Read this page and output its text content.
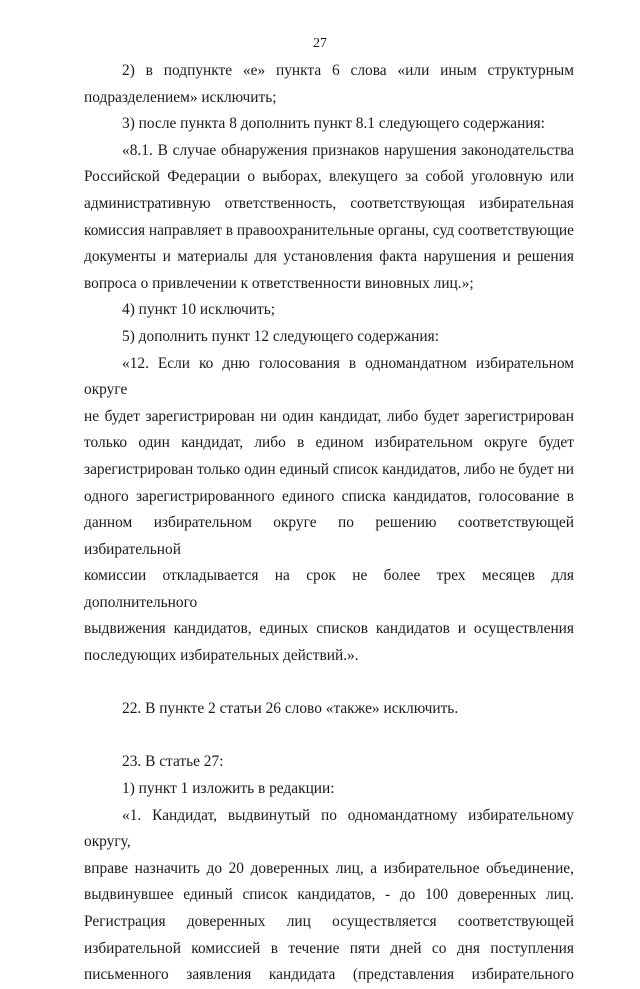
27

2) в подпункте «е» пункта 6 слова «или иным структурным

подразделением» исключить;

3) после пункта 8 дополнить пункт 8.1 следующего содержания:

«8.1. В случае обнаружения признаков нарушения законодательства

Российской Федерации о выборах, влекущего за собой уголовную или

административную ответственность, соответствующая избирательная

комиссия направляет в правоохранительные органы, суд соответствующие

документы и материалы для установления факта нарушения и решения

вопроса о привлечении к ответственности виновных лиц.»;

4) пункт 10 исключить;

5) дополнить пункт 12 следующего содержания:

«12. Если ко дню голосования в одномандатном избирательном округе

не будет зарегистрирован ни один кандидат, либо будет зарегистрирован

только один кандидат, либо в едином избирательном округе будет

зарегистрирован только один единый список кандидатов, либо не будет ни

одного зарегистрированного единого списка кандидатов, голосование в

данном избирательном округе по решению соответствующей избирательной

комиссии откладывается на срок не более трех месяцев для дополнительного

выдвижения кандидатов, единых списков кандидатов и осуществления

последующих избирательных действий.».

22. В пункте 2 статьи 26 слово «также» исключить.

23. В статье 27:

1) пункт 1 изложить в редакции:

«1. Кандидат, выдвинутый по одномандатному избирательному округу,

вправе назначить до 20 доверенных лиц, а избирательное объединение,

выдвинувшее единый список кандидатов, - до 100 доверенных лиц.

Регистрация доверенных лиц осуществляется соответствующей

избирательной комиссией в течение пяти дней со дня поступления

письменного заявления кандидата (представления избирательного
